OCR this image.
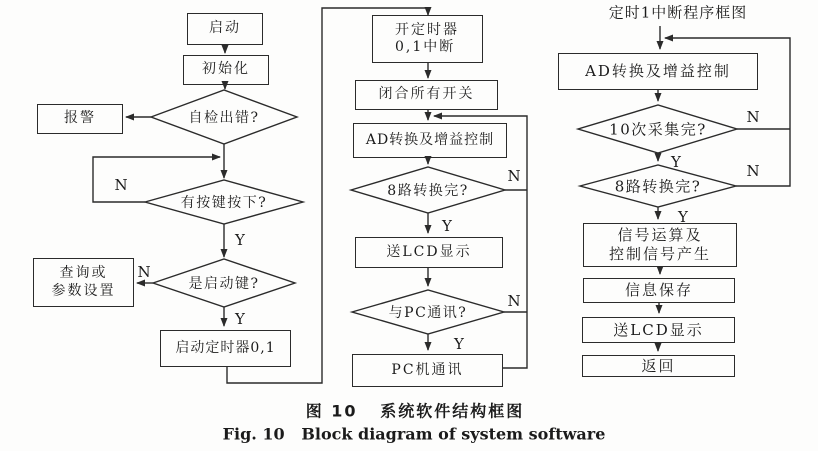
启动
初始化
自检出错?
报警
有按键按下?
是启动键?
查询或
参数设置
启动定时器0,1
N
Y
N
Y
开定时器
0,1中断
闭合所有开关
AD转换及增益控制
8路转换完?
送LCD显示
与PC通讯?
PC机通讯
N
Y
N
Y
定时1中断程序框图
AD转换及增益控制
10次采集完?
8路转换完?
信号运算及
控制信号产生
信息保存
送LCD显示
返回
N
Y	N
Y
图 10   系统软件结构框图
Fig. 10   Block diagram of system software
